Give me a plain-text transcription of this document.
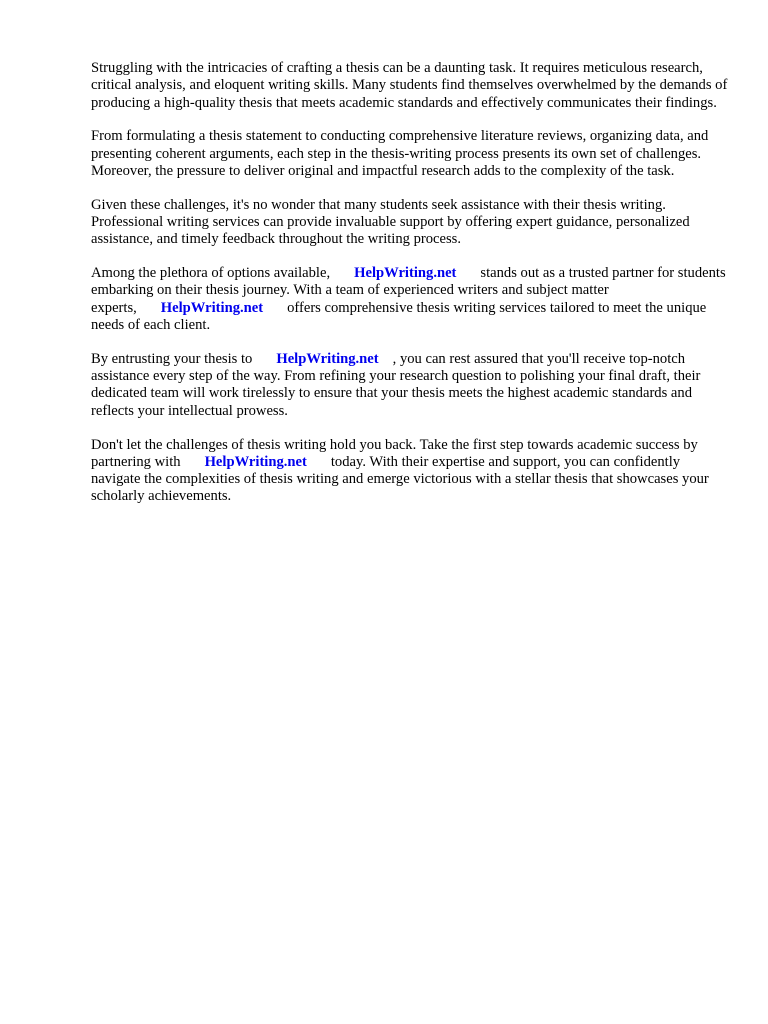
Struggling with the intricacies of crafting a thesis can be a daunting task. It requires meticulous research, critical analysis, and eloquent writing skills. Many students find themselves overwhelmed by the demands of producing a high-quality thesis that meets academic standards and effectively communicates their findings.

From formulating a thesis statement to conducting comprehensive literature reviews, organizing data, and presenting coherent arguments, each step in the thesis-writing process presents its own set of challenges. Moreover, the pressure to deliver original and impactful research adds to the complexity of the task.

Given these challenges, it's no wonder that many students seek assistance with their thesis writing. Professional writing services can provide invaluable support by offering expert guidance, personalized assistance, and timely feedback throughout the writing process.

Among the plethora of options available, HelpWriting.net stands out as a trusted partner for students embarking on their thesis journey. With a team of experienced writers and subject matter experts, HelpWriting.net offers comprehensive thesis writing services tailored to meet the unique needs of each client.

By entrusting your thesis to HelpWriting.net , you can rest assured that you'll receive top-notch assistance every step of the way. From refining your research question to polishing your final draft, their dedicated team will work tirelessly to ensure that your thesis meets the highest academic standards and reflects your intellectual prowess.

Don't let the challenges of thesis writing hold you back. Take the first step towards academic success by partnering with HelpWriting.net today. With their expertise and support, you can confidently navigate the complexities of thesis writing and emerge victorious with a stellar thesis that showcases your scholarly achievements.
